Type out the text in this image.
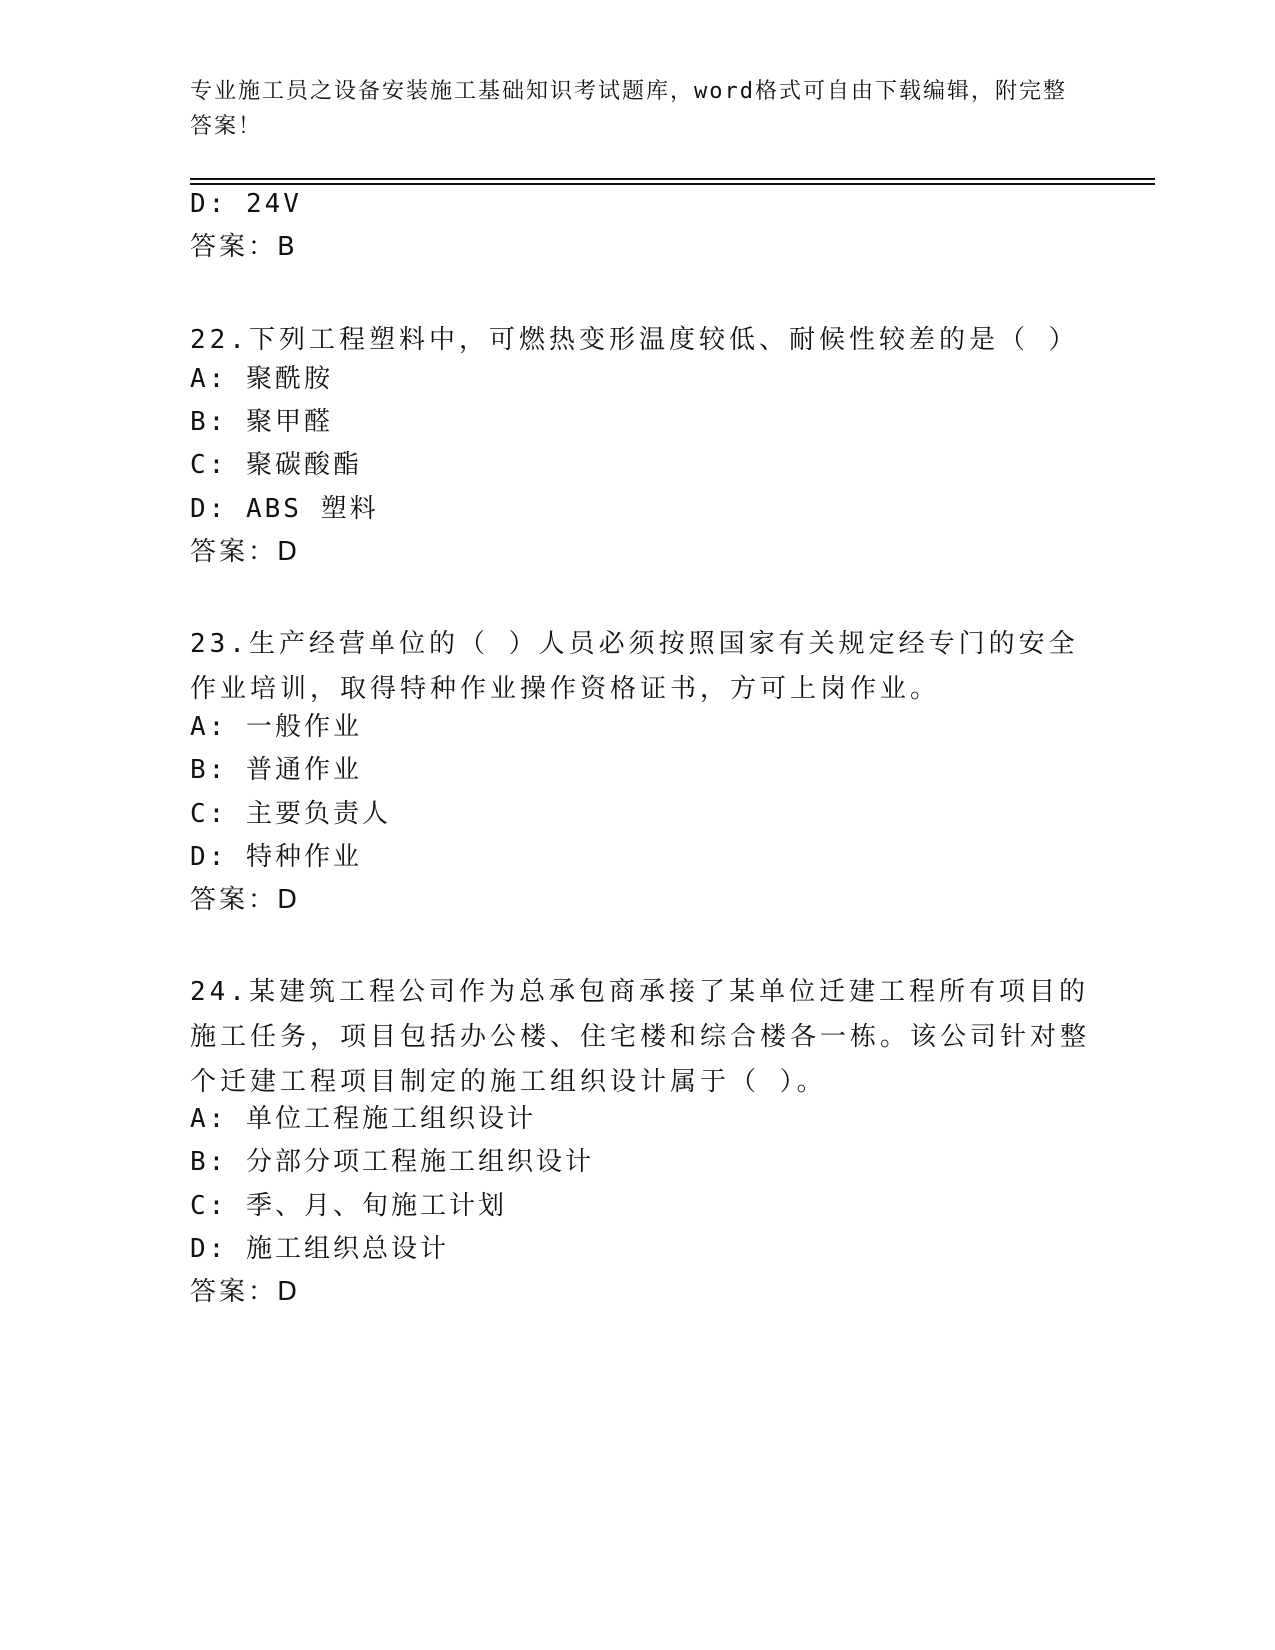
专业施工员之设备安装施工基础知识考试题库，word格式可自由下载编辑，附完整答案！
D: 24V
答案：B
22.下列工程塑料中，可燃热变形温度较低、耐候性较差的是（ ）
A: 聚酰胺
B: 聚甲醛
C: 聚碳酸酯
D: ABS 塑料
答案：D
23.生产经营单位的（ ）人员必须按照国家有关规定经专门的安全作业培训，取得特种作业操作资格证书，方可上岗作业。
A: 一般作业
B: 普通作业
C: 主要负责人
D: 特种作业
答案：D
24.某建筑工程公司作为总承包商承接了某单位迁建工程所有项目的施工任务，项目包括办公楼、住宅楼和综合楼各一栋。该公司针对整个迁建工程项目制定的施工组织设计属于（ ）。
A: 单位工程施工组织设计
B: 分部分项工程施工组织设计
C: 季、月、旬施工计划
D: 施工组织总设计
答案：D
